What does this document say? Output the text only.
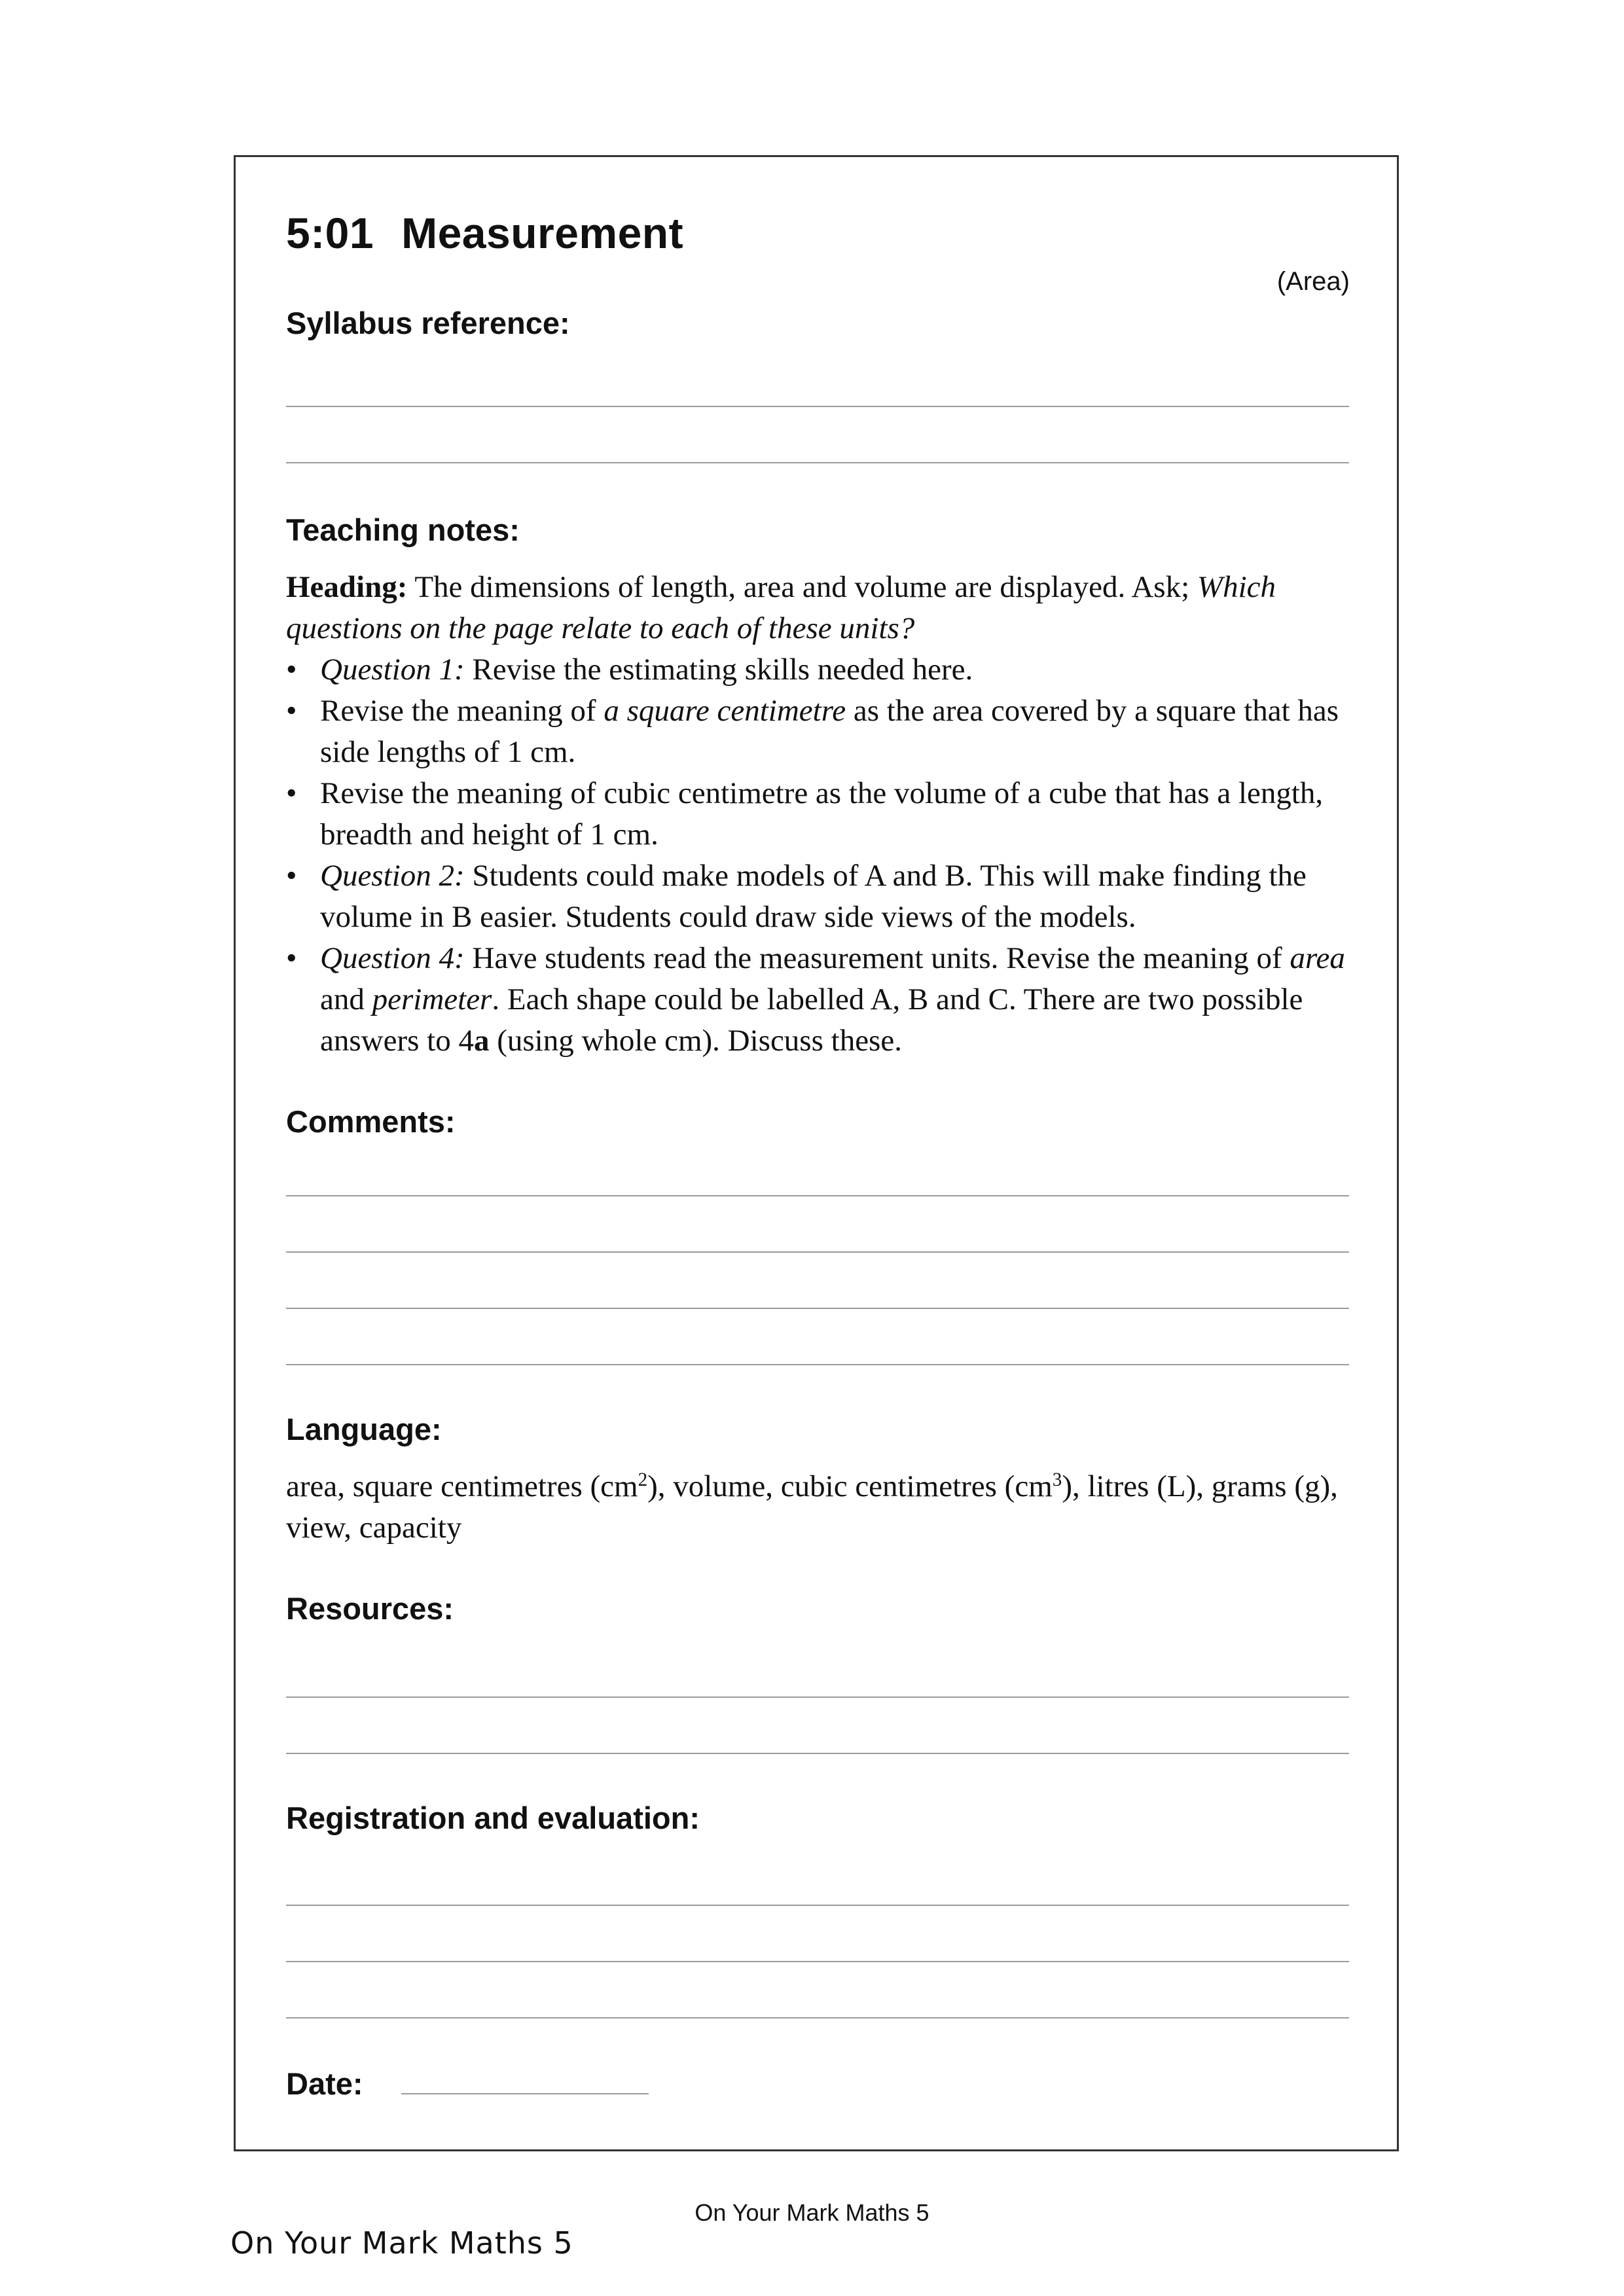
5:01 Measurement
(Area)
Syllabus reference:
Teaching notes:

Heading: The dimensions of length, area and volume are displayed. Ask; Which questions on the page relate to each of these units?

• Question 1: Revise the estimating skills needed here.
• Revise the meaning of a square centimetre as the area covered by a square that has side lengths of 1 cm.
• Revise the meaning of cubic centimetre as the volume of a cube that has a length, breadth and height of 1 cm.
• Question 2: Students could make models of A and B. This will make finding the volume in B easier. Students could draw side views of the models.
• Question 4: Have students read the measurement units. Revise the meaning of area and perimeter. Each shape could be labelled A, B and C. There are two possible answers to 4a (using whole cm). Discuss these.
Comments:
Language:
area, square centimetres $(cm^2)$, volume, cubic centimetres $(cm^3)$, litres (L), grams (g), view, capacity
Resources:
Registration and evaluation:
Date:
On Your Mark Maths 5
On Your Mark Maths 5
